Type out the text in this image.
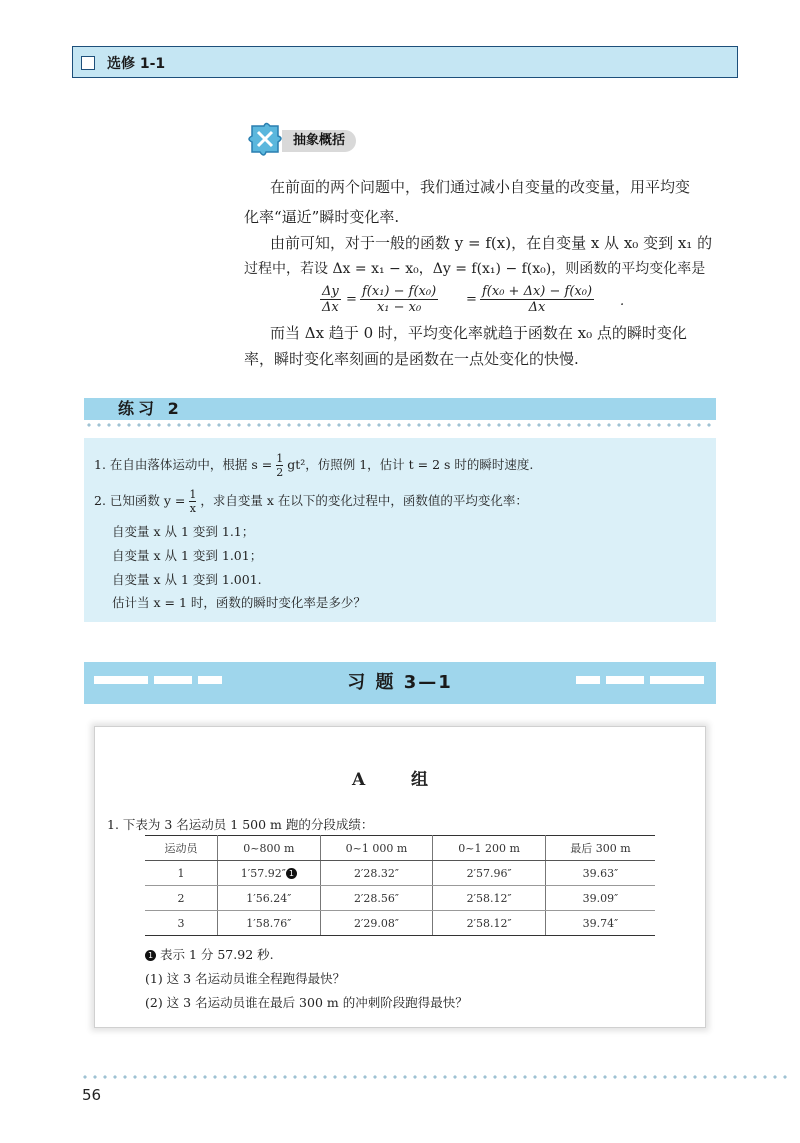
选修 1-1
抽象概括
在前面的两个问题中，我们通过减小自变量的改变量，用平均变
化率“逼近”瞬时变化率.
由前可知，对于一般的函数 y = f(x)，在自变量 x 从 x₀ 变到 x₁ 的
过程中，若设 Δx = x₁ − x₀，Δy = f(x₁) − f(x₀)，则函数的平均变化率是
$\frac{\Delta y}{\Delta x} = \frac{\text{f(x₁) − f(x₀)}}{\text{x₁ − x₀}} = \frac{\text{f(x₀ + Δx) − f(x₀)}}{\Delta x}$ .
而当 Δx 趋于 0 时，平均变化率就趋于函数在 x₀ 点的瞬时变化
率，瞬时变化率刻画的是函数在一点处变化的快慢.
练习 2
1. 在自由落体运动中，根据 $s = \frac{1}{2} gt^2$，仿照例 1，估计 t = 2 s 时的瞬时速度.
2. 已知函数 $y = \frac{1}{x}$ ，求自变量 x 在以下的变化过程中，函数值的平均变化率：
自变量 x 从 1 变到 1.1；
自变量 x 从 1 变到 1.01；
自变量 x 从 1 变到 1.001.
估计当 x = 1 时，函数的瞬时变化率是多少？
习 题 3—1
A 组
1. 下表为 3 名运动员 1 500 m 跑的分段成绩：
运动员	0~800 m	0~1 000 m	0~1 200 m	最后 300 m
1	1′57.92″ 1	2′28.32″	2′57.96″	39.63″
2	1′56.24″	2′28.56″	2′58.12″	39.09″
3	1′58.76″	2′29.08″	2′58.12″	39.74″
1 表示 1 分 57.92 秒.
(1) 这 3 名运动员谁全程跑得最快？
(2) 这 3 名运动员谁在最后 300 m 的冲刺阶段跑得最快？
56
